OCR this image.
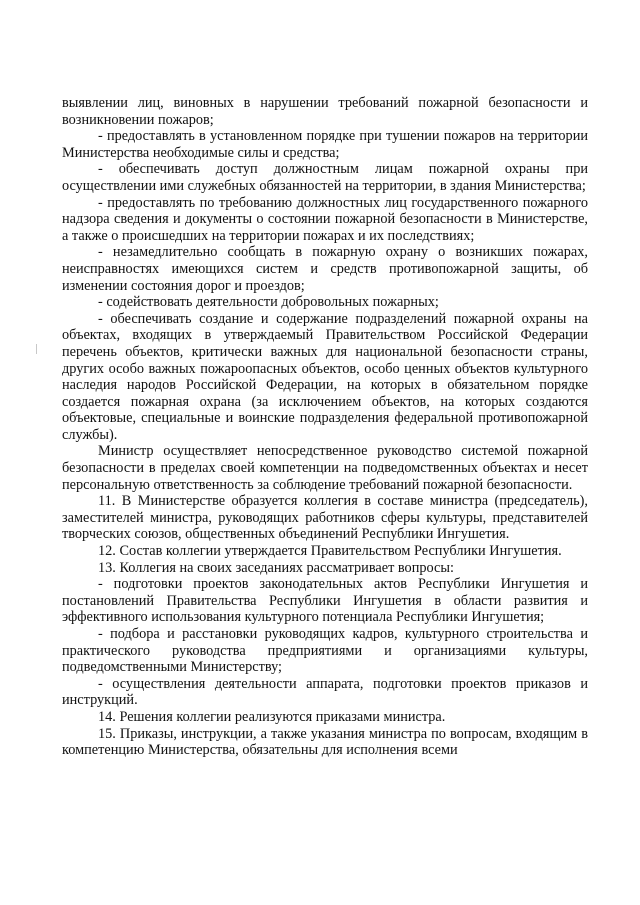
выявлении лиц, виновных в нарушении требований пожарной безопасности и возникновении пожаров;

- предоставлять в установленном порядке при тушении пожаров на территории Министерства необходимые силы и средства;

- обеспечивать доступ должностным лицам пожарной охраны при осуществлении ими служебных обязанностей на территории, в здания Министерства;

- предоставлять по требованию должностных лиц государственного пожарного надзора сведения и документы о состоянии пожарной безопасности в Министерстве, а также о происшедших на территории пожарах и их последствиях;

- незамедлительно сообщать в пожарную охрану о возникших пожарах, неисправностях имеющихся систем и средств противопожарной защиты, об изменении состояния дорог и проездов;

- содействовать деятельности добровольных пожарных;

- обеспечивать создание и содержание подразделений пожарной охраны на объектах, входящих в утверждаемый Правительством Российской Федерации перечень объектов, критически важных для национальной безопасности страны, других особо важных пожароопасных объектов, особо ценных объектов культурного наследия народов Российской Федерации, на которых в обязательном порядке создается пожарная охрана (за исключением объектов, на которых создаются объектовые, специальные и воинские подразделения федеральной противопожарной службы).

Министр осуществляет непосредственное руководство системой пожарной безопасности в пределах своей компетенции на подведомственных объектах и несет персональную ответственность за соблюдение требований пожарной безопасности.

11. В Министерстве образуется коллегия в составе министра (председатель), заместителей министра, руководящих работников сферы культуры, представителей творческих союзов, общественных объединений Республики Ингушетия.

12. Состав коллегии утверждается Правительством Республики Ингушетия.

13. Коллегия на своих заседаниях рассматривает вопросы:

- подготовки проектов законодательных актов Республики Ингушетия и постановлений Правительства Республики Ингушетия в области развития и эффективного использования культурного потенциала Республики Ингушетия;

- подбора и расстановки руководящих кадров, культурного строительства и практического руководства предприятиями и организациями культуры, подведомственными Министерству;

- осуществления деятельности аппарата, подготовки проектов приказов и инструкций.

14. Решения коллегии реализуются приказами министра.

15. Приказы, инструкции, а также указания министра по вопросам, входящим в компетенцию Министерства, обязательны для исполнения всеми
